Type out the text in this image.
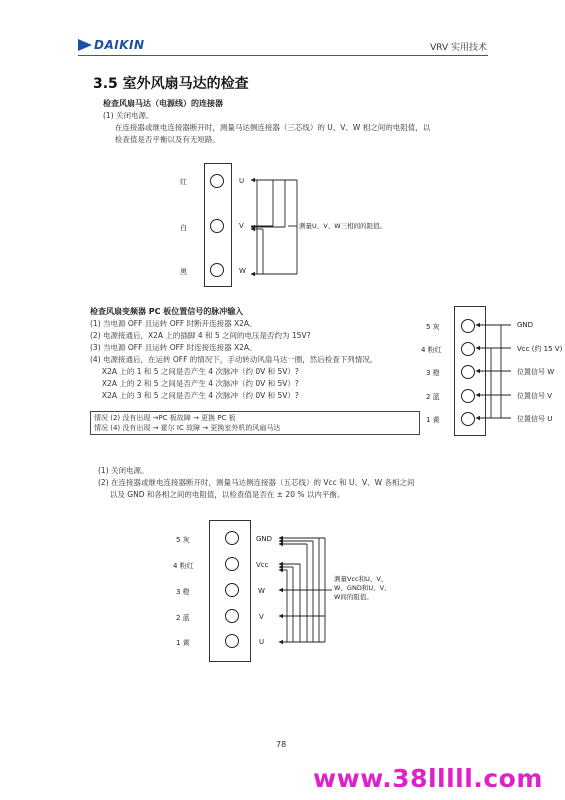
DAIKIN	VRV 实用技术
3.5 室外风扇马达的检查
检查风扇马达（电源线）的连接器
(1) 关闭电源。
在连接器或继电连接器断开时，测量马达侧连接器（三芯线）的 U、V、W 相之间的电阻值，以
检查值是否平衡以及有无短路。
红
白
黑
U
V
W
测量U、V、W三相间的阻值。
检查风扇变频器 PC 板位置信号的脉冲输入
(1) 当电源 OFF 且运转 OFF 时断开连接器 X2A。
(2) 电源接通后，X2A 上的插脚 4 和 5 之间的电压是否约为 15V?
(3) 当电源 OFF 且运转 OFF 时连接连接器 X2A。
(4) 电源接通后，在运转 OFF 的情况下，手动转动风扇马达一圈，然后检查下列情况。
X2A 上的 1 和 5 之间是否产生 4 次脉冲（约 0V 和 5V）?
X2A 上的 2 和 5 之间是否产生 4 次脉冲（约 0V 和 5V）?
X2A 上的 3 和 5 之间是否产生 4 次脉冲（约 0V 和 5V）?
情况 (2) 没有出现 →PC 板故障 → 更换 PC 板
情况 (4) 没有出现 → 霍尔 IC 故障 → 更换室外机的风扇马达
5 灰
4 粉红
3 橙
2 蓝
1 黄
GND
Vcc (约 15 V)
位置信号 W
位置信号 V
位置信号 U
(1) 关闭电源。
(2) 在连接器或继电连接器断开时，测量马达侧连接器（五芯线）的 Vcc 和 U、V、W 各相之间
以及 GND 和各相之间的电阻值，以检查值是否在 ± 20 % 以内平衡。
5 灰
4 粉红
3 橙
2 蓝
1 黄
GND
Vcc
W
V
U
测量Vcc和U、V、
W、GND和U、V、
W间的阻值。
78
www.38lllll.com
